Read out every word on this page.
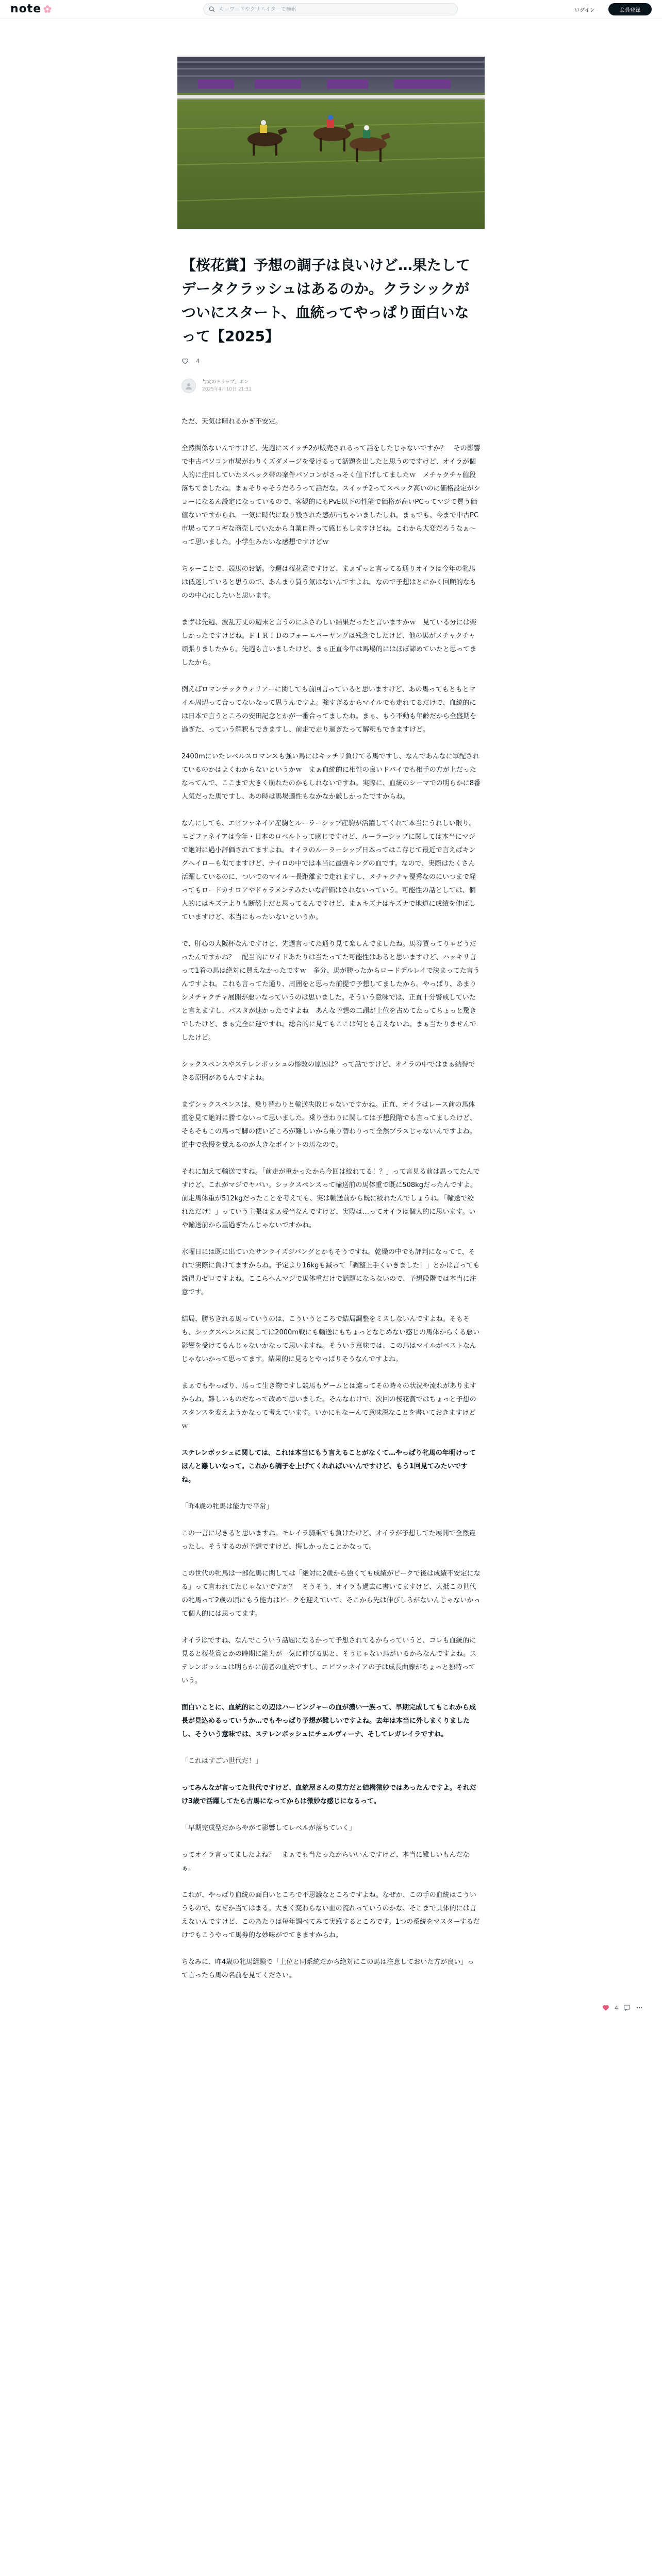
note
キーワードやクリエイターで検索	ログイン	会員登録
【桜花賞】予想の調子は良いけど…果たしてデータクラッシュはあるのか。クラシックがついにスタート、血統ってやっぱり面白いなって【2025】
4
与太のトラップ」ポン
2025年4月10日 21:31

ただ、天気は晴れるかぎ不安定。

全然関係ないんですけど、先週にスイッチ2が販売されるって話をしたじゃないですか？　その影響で中古パソコン市場がわりくズダメージを受けるって話題を出したと思うのですけど、オイラが個人的に注目していたスペック帯の案件パソコンがさっそく値下げしてましたｗ　メチャクチャ値段落ちてましたね。まぁそりゃそうだろうって話だな。スイッチ2ってスペック高いのに価格設定がショーになるん設定になっているので、客観的にもPvE以下の性能で価格が高いPCってマジで買う価値ないですからね。一気に時代に取り残された感が出ちゃいましたしね。まぁでも、今まで中古PC市場ってアコギな商売していたから自業自得って感じもしますけどね。これから大変だろうなぁ～って思いました。小学生みたいな感想ですけどｗ

ちゃーことで、競馬のお話。今週は桜花賞ですけど、まぁずっと言ってる通りオイラは今年の牝馬は低迷していると思うので、あんまり買う気はないんですよね。なので予想はとにかく回顧的なものの中心にしたいと思います。

まずは先週、波乱万丈の週末と言うのにふさわしい結果だったと言いますかｗ　見ている分には楽しかったですけどね。ＦＩＲＩＤのフォーエバーヤングは残念でしたけど、他の馬がメチャクチャ頑張りましたから。先週も言いましたけど、まぁ正直今年は馬場的にはほぼ諦めていたと思ってましたから。

例えばロマンチックウォリアーに関しても前回言っていると思いますけど、あの馬ってもともとマイル周辺って合ってないなって思うんですよ。強すぎるからマイルでも走れてるだけで、血統的には日本で言うところの安田記念とかが一番合ってましたね。まぁ、もう不動も年齢だから全盛期を過ぎた、っていう解釈もできますし、前走で走り過ぎたって解釈もできますけど。

2400mにいたレベルスロマンスも強い馬にはキッチリ負けてる馬ですし、なんであんなに軍配されているのかはよくわからないというかｗ　まぁ血統的に相性の良いドバイでも相手の方が上だったなってんで、ここまで大きく崩れたのかもしれないですね。実際に、血統のシーマでの明らかに8番人気だった馬ですし、あの時は馬場適性もなかなか厳しかったですからね。

なんにしても、エピファネイア産駒とルーラーシップ産駒が活躍してくれて本当にうれしい限り。エピファネイアは今年・日本のロベルトって感じですけど、ルーラーシップに関しては本当にマジで絶対に過小評価されてますよね。オイラのルーラーシップ日本ってはこ存じて最近で言えばキングへイローも似てますけど、ナイロの中では本当に最強キングの血です。なので、実際はたくさん活躍しているのに、ついでのマイル～長距離まで走れますし、メチャクチャ優秀なのにいつまで経ってもロードカナロアやドゥラメンテみたいな評価はされないっていう。可能性の話としては、個人的にはキズナよりも断然上だと思ってるんですけど、まぁキズナはキズナで地道に成績を伸ばしていますけど、本当にもったいないというか。

で、肝心の大阪杯なんですけど、先週言ってた通り見て楽しんでましたね。馬券買ってりゃどうだったんですかね？　配当的にワイドあたりは当たってた可能性はあると思いますけど、ハッキリ言って1着の馬は絶対に買えなかったですｗ　多分、馬が勝ったからロードデルレイで決まってた言うんですよね。これも言ってた通り、周囲をと思った前提で予想してましたから。やっぱり、あまりシメチャクチャ展開が悪いなっていうのは思いました。そういう意味では、正直十分警戒していたと言えますし、パスタが速かったですよね　あんな予想の二頭が上位を占めてたってちょっと驚きでしたけど、まぁ完全に運ですね。総合的に見てもここは何とも言えないね。まぁ当たりませんでしたけど。

シックスペンスやステレンボッシュの惨敗の原因は？って話ですけど、オイラの中ではまぁ納得できる原因があるんですよね。

まずシックスペンスは、乗り替わりと輸送失敗じゃないですかね。正直、オイラはレース前の馬体重を見て絶対に勝てないって思いました。乗り替わりに関しては予想段階でも言ってましたけど、そもそもこの馬って脚の使いどころが難しいから乗り替わりって全然プラスじゃないんですよね。道中で我慢を覚えるのが大きなポイントの馬なので。

それに加えて輸送ですね。「前走が重かったから今回は絞れてる！？」って言見る前は思ってたんですけど、これがマジでヤバい。シックスペンスって輸送前の馬体重で既に508kgだったんですよ。前走馬体重が512kgだったことを考えても、実は輸送前から既に絞れたんでしょうね。「輸送で絞れただけ！」っていう主張はまぁ妥当なんですけど、実際は…ってオイラは個人的に思います。いや輸送前から重過ぎたんじゃないですかね。

水曜日には既に出ていたサンライズジパングとかもそうですね。乾燥の中でも評判になってて、それで実際に負けてますからね。予定より16kgも減って「調整上手くいきました！」とかは言っても説得力ゼロですよね。ここらへんマジで馬体重だけで話題にならないので、予想段階では本当に注意です。

結局、勝ちきれる馬っていうのは、こういうところで結局調整をミスしないんですよね。そもそも、シックスペンスに関しては2000m戦にも輸送にもちょっとなじめない感じの馬体からくる悪い影響を受けてるんじゃないかなって思いますね。そういう意味では、この馬はマイルがベストなんじゃないかって思ってます。結果的に見るとやっぱりそうなんですよね。

まぁでもやっぱり、馬って生き物ですし競馬もゲームとは違ってその時々の状況や流れがありますからね。難しいものだなって改めて思いました。そんなわけで、次回の桜花賞ではちょっと予想のスタンスを変えようかなって考えています。いかにもなーんて意味深なことを書いておきますけどｗ

ステレンボッシュに関しては、これは本当にもう言えることがなくて…やっぱり牝馬の年明けってほんと難しいなって。これから調子を上げてくれればいいんですけど、もう1回見てみたいですね。

「昨4歳の牝馬は能力で平常」

この一言に尽きると思いますね。モレイラ騎乗でも負けたけど、オイラが予想してた展開で全然違ったし、そうするのが予想ですけど、悔しかったことかなって。

この世代の牝馬は一部化馬に関しては「絶対に2歳から強くても成績がピークで後は成績不安定になる」って言われてたじゃないですか？　そうそう、オイラも過去に書いてますけど、大抵この世代の牝馬って2歳の頃にもう能力はピークを迎えていて、そこから先は伸びしろがないんじゃないかって個人的には思ってます。

オイラはですね、なんでこういう話題になるかって予想されてるからっていうと、コレも血統的に見ると桜花賞とかの時期に能力が一気に伸びる馬と、そうじゃない馬がいるからなんですよね。ステレンボッシュは明らかに前者の血統ですし、エピファネイアの子は成長曲線がちょっと独特っていう。

面白いことに、血統的にこの辺はハービンジャーの血が濃い一族って、早期完成してもこれから成長が見込めるっていうか…でもやっぱり予想が難しいですよね。去年は本当に外しまくりましたし、そういう意味では、ステレンボッシュにチェルヴィーナ、そしてレガレイラですね。

「これはすごい世代だ！」

ってみんなが言ってた世代ですけど、血統屋さんの見方だと結構微妙ではあったんですよ。それだけ3歳で活躍してたら古馬になってからは微妙な感じになるって。

「早期完成型だからやがて影響してレベルが落ちていく」

ってオイラ言ってましたよね？　まぁでも当たったからいいんですけど、本当に難しいもんだなぁ。

これが、やっぱり血統の面白いところで不思議なところですよね。なぜか、この手の血統はこういうもので、なぜか当てはまる。大きく変わらない血の流れっていうのかな、そこまで具体的には言えないんですけど、このあたりは毎年調べてみて実感するところです。1つの系統をマスターするだけでもこうやって馬券的な妙味がでてきますからね。

ちなみに、昨4歳の牝馬経験で「上位と同系統だから絶対にこの馬は注意しておいた方が良い」って言ったら馬の名前を見てください。

4
